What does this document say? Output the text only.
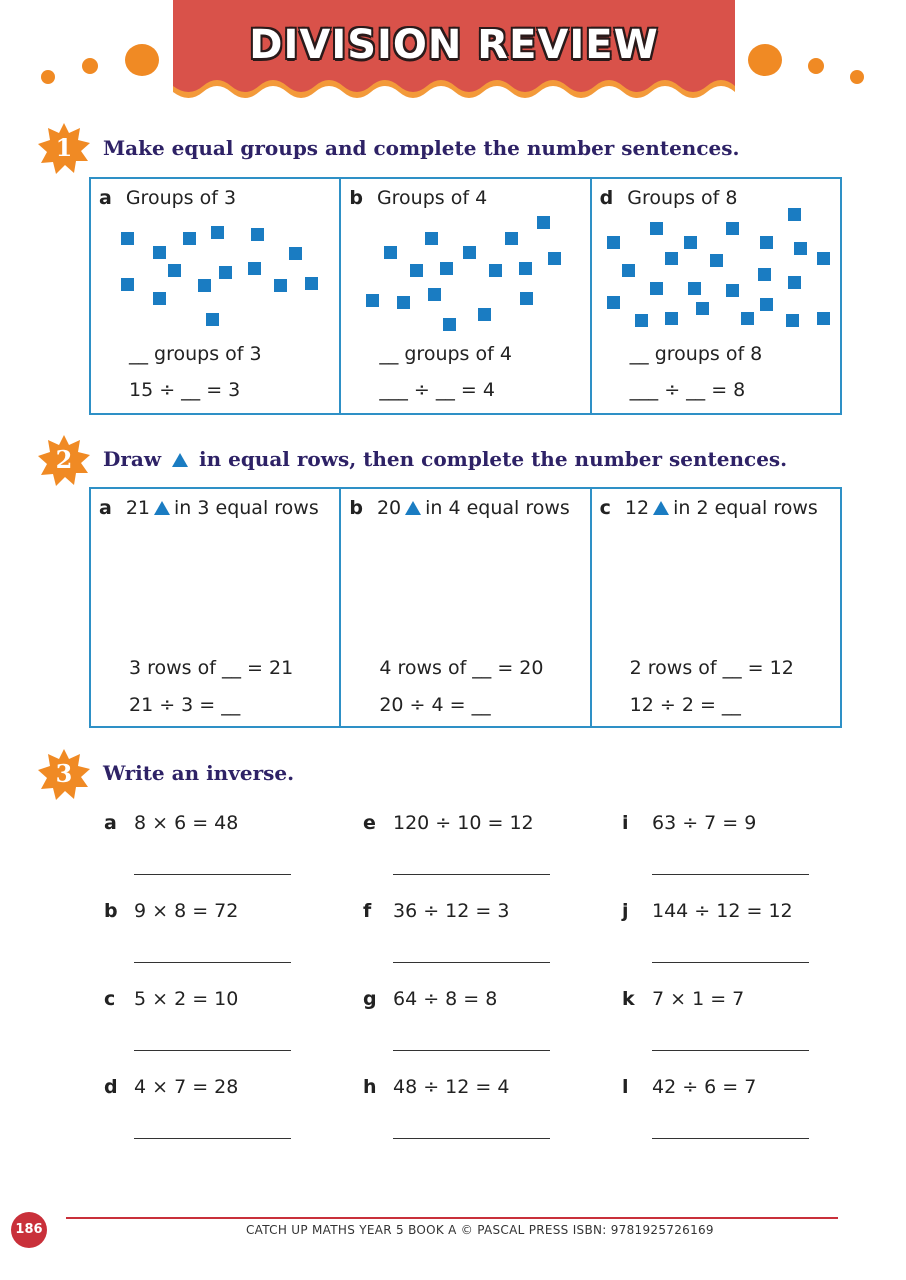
DIVISION REVIEW
1	Make equal groups and complete the number sentences.
a Groups of 3
__ groups of 3
15 ÷ __ = 3
b Groups of 4
__ groups of 4
___ ÷ __ = 4
d Groups of 8
__ groups of 8
___ ÷ __ = 8
2	Draw in equal rows, then complete the number sentences.
a 21 in 3 equal rows
3 rows of __ = 21
21 ÷ 3 = __
b 20 in 4 equal rows
4 rows of __ = 20
20 ÷ 4 = __
c 12 in 2 equal rows
2 rows of __ = 12
12 ÷ 2 = __
3	Write an inverse.
a 8 × 6 = 48
b 9 × 8 = 72
c 5 × 2 = 10
d 4 × 7 = 28
e 120 ÷ 10 = 12
f 36 ÷ 12 = 3
g 64 ÷ 8 = 8
h 48 ÷ 12 = 4
i 63 ÷ 7 = 9
j 144 ÷ 12 = 12
k 7 × 1 = 7
l 42 ÷ 6 = 7
186	CATCH UP MATHS YEAR 5 BOOK A © PASCAL PRESS ISBN: 9781925726169
